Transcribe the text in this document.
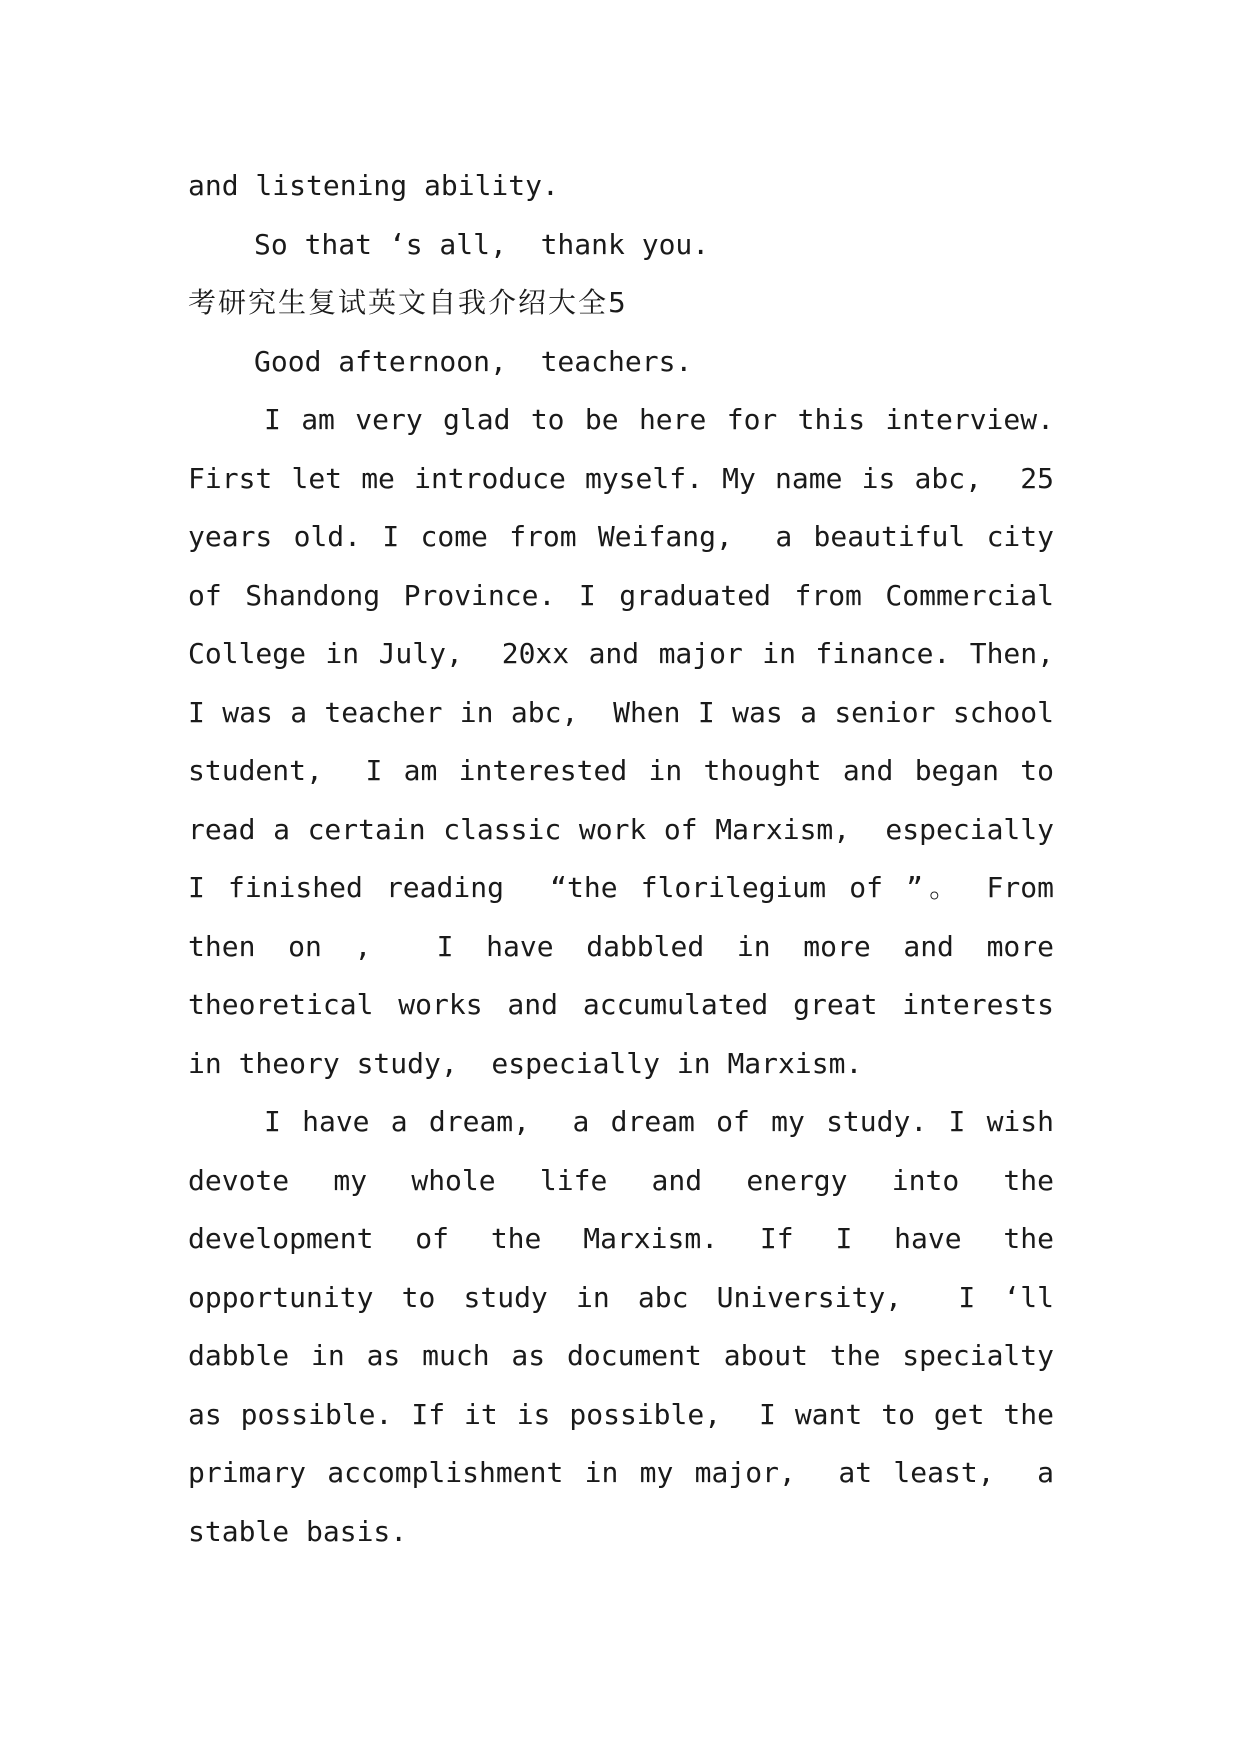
and listening ability.
So that ‘s all,  thank you.
考研究生复试英文自我介绍大全5
Good afternoon,  teachers.
I am very glad to be here for this interview.
First let me introduce myself. My name is abc,  25
years old. I come from Weifang,  a beautiful city
of Shandong Province. I graduated from Commercial
College in July,  20xx and major in finance. Then,
I was a teacher in abc,  When I was a senior school
student,  I am interested in thought and began to
read a certain classic work of Marxism,  especially
I finished reading  “the florilegium of ”。 From
then on ,  I have dabbled in more and more
theoretical works and accumulated great interests
in theory study,  especially in Marxism.
I have a dream,  a dream of my study. I wish
devote my whole life and energy into the
development of the Marxism. If I have the
opportunity to study in abc University,  I ‘ll
dabble in as much as document about the specialty
as possible. If it is possible,  I want to get the
primary accomplishment in my major,  at least,  a
stable basis.
